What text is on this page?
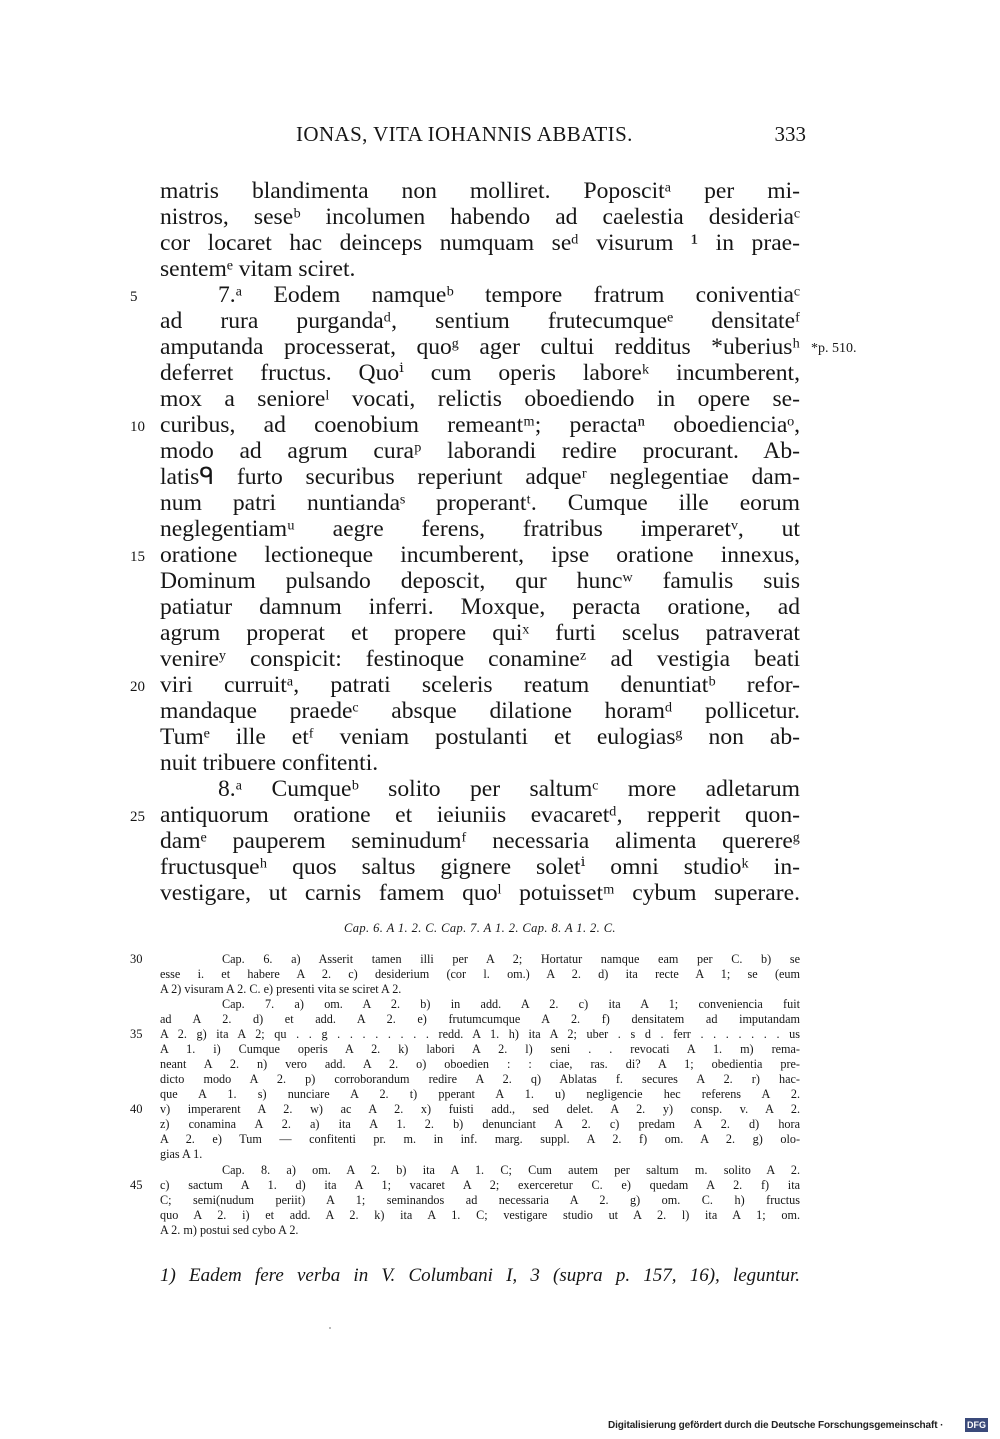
IONAS, VITA IOHANNIS ABBATIS.	333
matris blandimenta non molliret. Poposcitᵃ per mi-
nistros, seseᵇ incolumen habendo ad caelestia desideriaᶜ
cor locaret hac deinceps numquam seᵈ visurum ¹ in prae-
sentemᵉ vitam sciret.
7.ᵃ Eodem namqueᵇ tempore fratrum coniventiaᶜ
ad rura purgandaᵈ, sentium frutecumqueᵉ densitateᶠ
amputanda processerat, quoᵍ ager cultui redditus *uberiusʰ
deferret fructus. Quoⁱ cum operis laboreᵏ incumberent,
mox a senioreˡ vocati, relictis oboediendo in opere se-
curibus, ad coenobium remeantᵐ; peractaⁿ oboedienciaᵒ,
modo ad agrum curaᵖ laborandi redire procurant. Ab-
latisᑫ furto securibus reperiunt adqueʳ neglegentiae dam-
num patri nuntiandaˢ properantᵗ. Cumque ille eorum
neglegentiamᵘ aegre ferens, fratribus imperaretᵛ, ut
oratione lectioneque incumberent, ipse oratione innexus,
Dominum pulsando deposcit, qur huncʷ famulis suis
patiatur damnum inferri. Moxque, peracta oratione, ad
agrum properat et propere quiˣ furti scelus patraverat
venireʸ conspicit: festinoque conamineᶻ ad vestigia beati
viri curruitᵃ, patrati sceleris reatum denuntiatᵇ refor-
mandaque praedeᶜ absque dilatione horamᵈ pollicetur.
Tumᵉ ille etᶠ veniam postulanti et eulogiasᵍ non ab-
nuit tribuere confitenti.
8.ᵃ Cumqueᵇ solito per saltumᶜ more adletarum
antiquorum oratione et ieiuniis evacaretᵈ, repperit quon-
damᵉ pauperem seminudumᶠ necessaria alimenta querereᵍ
fructusqueʰ quos saltus gignere soletⁱ omni studioᵏ in-
vestigare, ut carnis famem quoˡ potuissetᵐ cybum superare.
5
10
15
20
25
*p. 510.
Cap. 6. A 1. 2. C. Cap. 7. A 1. 2. Cap. 8. A 1. 2. C.
Cap. 6. a) Asserit tamen illi per A 2; Hortatur namque eam per C. b) se
esse i. et habere A 2. c) desiderium (cor l. om.) A 2. d) ita recte A 1; se (eum
A 2) visuram A 2. C. e) presenti vita se sciret A 2.
Cap. 7. a) om. A 2. b) in add. A 2. c) ita A 1; conveniencia fuit
ad A 2. d) et add. A 2. e) frutumcumque A 2. f) densitatem ad imputandam
A 2. g) ita A 2; qu . . g . . . . . . . . redd. A 1. h) ita A 2; uber . s d . ferr . . . . . . . us
A 1. i) Cumque operis A 2. k) labori A 2. l) seni . . revocati A 1. m) rema-
neant A 2. n) vero add. A 2. o) oboedien : : ciae, ras. di? A 1; obedientia pre-
dicto modo A 2. p) corroborandum redire A 2. q) Ablatas f. secures A 2. r) hac-
que A 1. s) nunciare A 2. t) pperant A 1. u) negligencie hec referens A 2.
v) imperarent A 2. w) ac A 2. x) fuisti add., sed delet. A 2. y) consp. v. A 2.
z) conamina A 2. a) ita A 1. 2. b) denunciant A 2. c) predam A 2. d) hora
A 2. e) Tum — confitenti pr. m. in inf. marg. suppl. A 2. f) om. A 2. g) olo-
gias A 1.
Cap. 8. a) om. A 2. b) ita A 1. C; Cum autem per saltum m. solito A 2.
c) sactum A 1. d) ita A 1; vacaret A 2; exerceretur C. e) quedam A 2. f) ita
C; semi(nudum periit) A 1; seminandos ad necessaria A 2. g) om. C. h) fructus
quo A 2. i) et add. A 2. k) ita A 1. C; vestigare studio ut A 2. l) ita A 1; om.
A 2. m) postui sed cybo A 2.
30
35
40
45
1) Eadem fere verba in V. Columbani I, 3 (supra p. 157, 16), leguntur.
Digitalisierung gefördert durch die Deutsche Forschungsgemeinschaft ·	DFG
